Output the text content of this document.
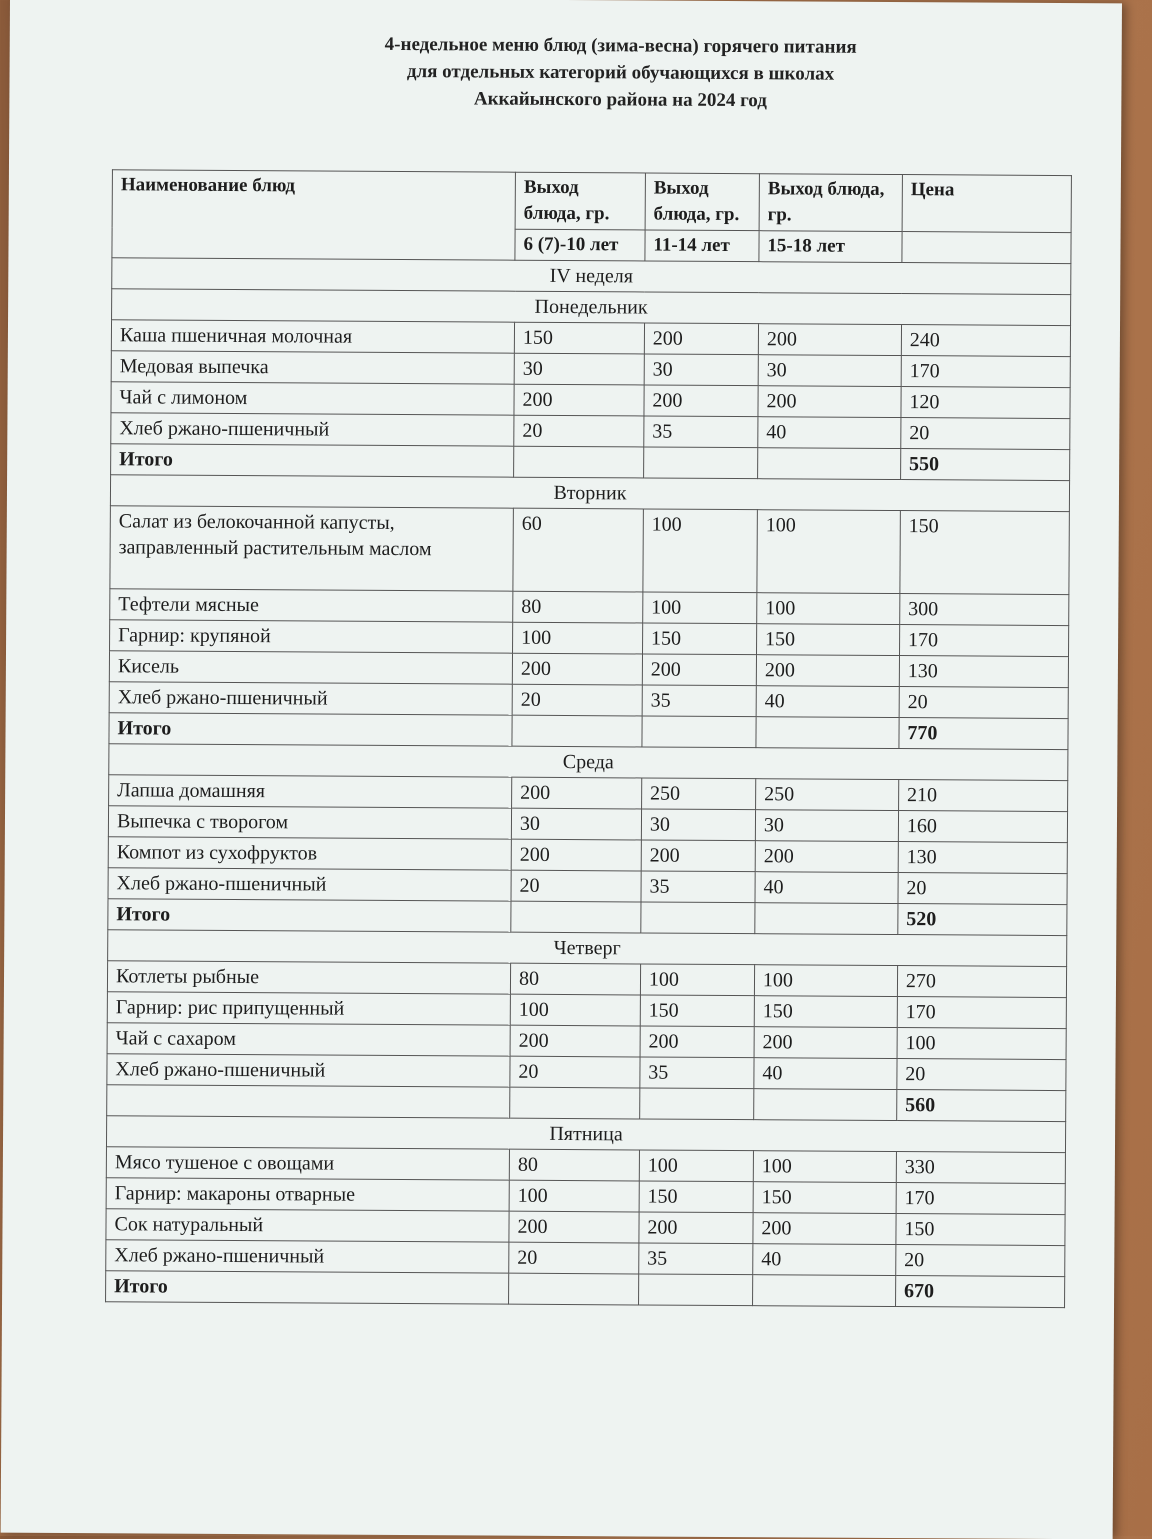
4-недельное меню блюд (зима-весна) горячего питания
для отдельных категорий обучающихся в школах
Аккайынского района на 2024 год
Наименование блюд	Выход блюда, гр.	Выход блюда, гр.	Выход блюда, гр.	Цена
	6 (7)-10 лет	11-14 лет	15-18 лет	
IV неделя				
Понедельник				
Каша пшеничная молочная	150	200	200	240
Медовая выпечка	30	30	30	170
Чай с лимоном	200	200	200	120
Хлеб ржано-пшеничный	20	35	40	20
Итого				550
Вторник				
Салат из белокочанной капусты, заправленный растительным маслом	60	100	100	150
Тефтели мясные	80	100	100	300
Гарнир: крупяной	100	150	150	170
Кисель	200	200	200	130
Хлеб ржано-пшеничный	20	35	40	20
Итого				770
Среда				
Лапша домашняя	200	250	250	210
Выпечка с творогом	30	30	30	160
Компот из сухофруктов	200	200	200	130
Хлеб ржано-пшеничный	20	35	40	20
Итого				520
Четверг				
Котлеты рыбные	80	100	100	270
Гарнир: рис припущенный	100	150	150	170
Чай с сахаром	200	200	200	100
Хлеб ржано-пшеничный	20	35	40	20
				560
Пятница				
Мясо тушеное с овощами	80	100	100	330
Гарнир: макароны отварные	100	150	150	170
Сок натуральный	200	200	200	150
Хлеб ржано-пшеничный	20	35	40	20
Итого				670
